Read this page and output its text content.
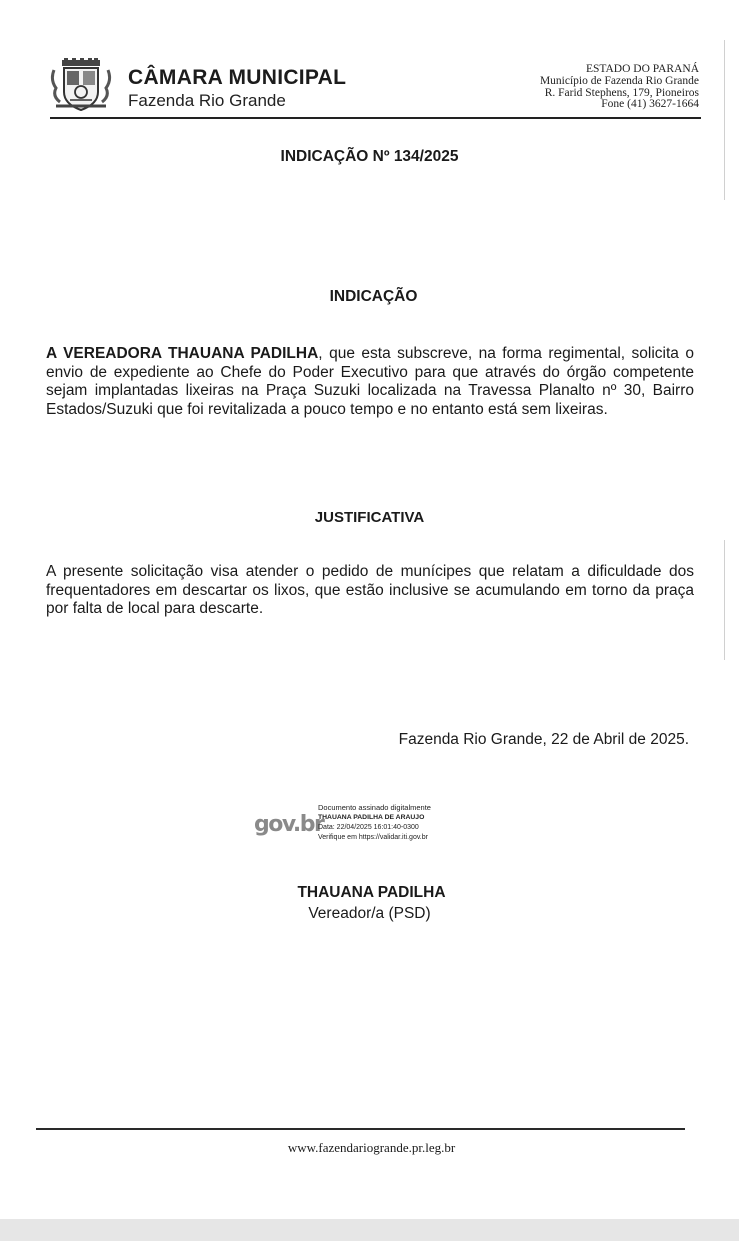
CÂMARA MUNICIPAL
Fazenda Rio Grande
ESTADO DO PARANÁ
Município de Fazenda Rio Grande
R. Farid Stephens, 179, Pioneiros
Fone (41) 3627-1664
INDICAÇÃO Nº 134/2025
INDICAÇÃO
A VEREADORA THAUANA PADILHA, que esta subscreve, na forma regimental, solicita o envio de expediente ao Chefe do Poder Executivo para que através do órgão competente sejam implantadas lixeiras na Praça Suzuki localizada na Travessa Planalto nº 30, Bairro Estados/Suzuki que foi revitalizada a pouco tempo e no entanto está sem lixeiras.
JUSTIFICATIVA
A presente solicitação visa atender o pedido de munícipes que relatam a dificuldade dos frequentadores em descartar os lixos, que estão inclusive se acumulando em torno da praça por falta de local para descarte.
Fazenda Rio Grande, 22 de Abril de 2025.
gov.br
Documento assinado digitalmente
THAUANA PADILHA DE ARAUJO
Data: 22/04/2025 16:01:40-0300
Verifique em https://validar.iti.gov.br
THAUANA PADILHA
Vereador/a (PSD)
www.fazendariogrande.pr.leg.br
